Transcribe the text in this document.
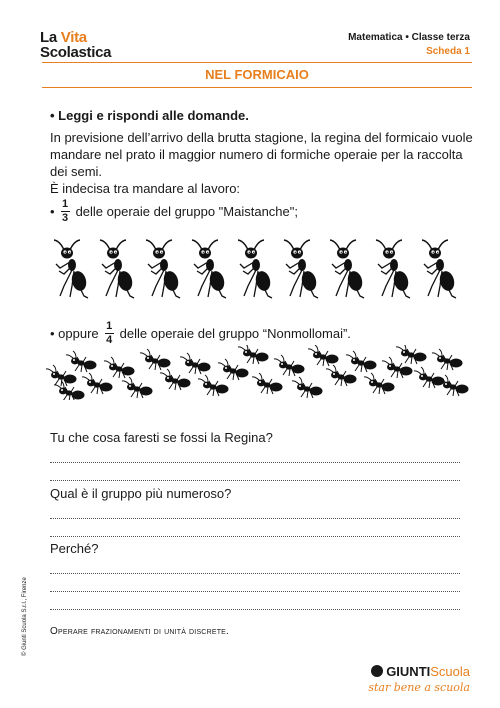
La Vita
Scolastica
Matematica • Classe terza
Scheda 1
NEL FORMICAIO
• Leggi e rispondi alle domande.
In previsione dell’arrivo della brutta stagione, la regina del formicaio vuole mandare nel prato il maggior numero di formiche operaie per la raccolta dei semi.
È indecisa tra mandare al lavoro:
• $\frac{1}{3}$ delle operaie del gruppo "Maistanche";
• oppure $\frac{1}{4}$ delle operaie del gruppo “Nonmollomai”.
Tu che cosa faresti se fossi la Regina?
Qual è il gruppo più numeroso?
Perché?
Operare frazionamenti di unità discrete.
© Giunti Scuola S.r.l., Firenze
GIUNTIScuola
star bene a scuola
